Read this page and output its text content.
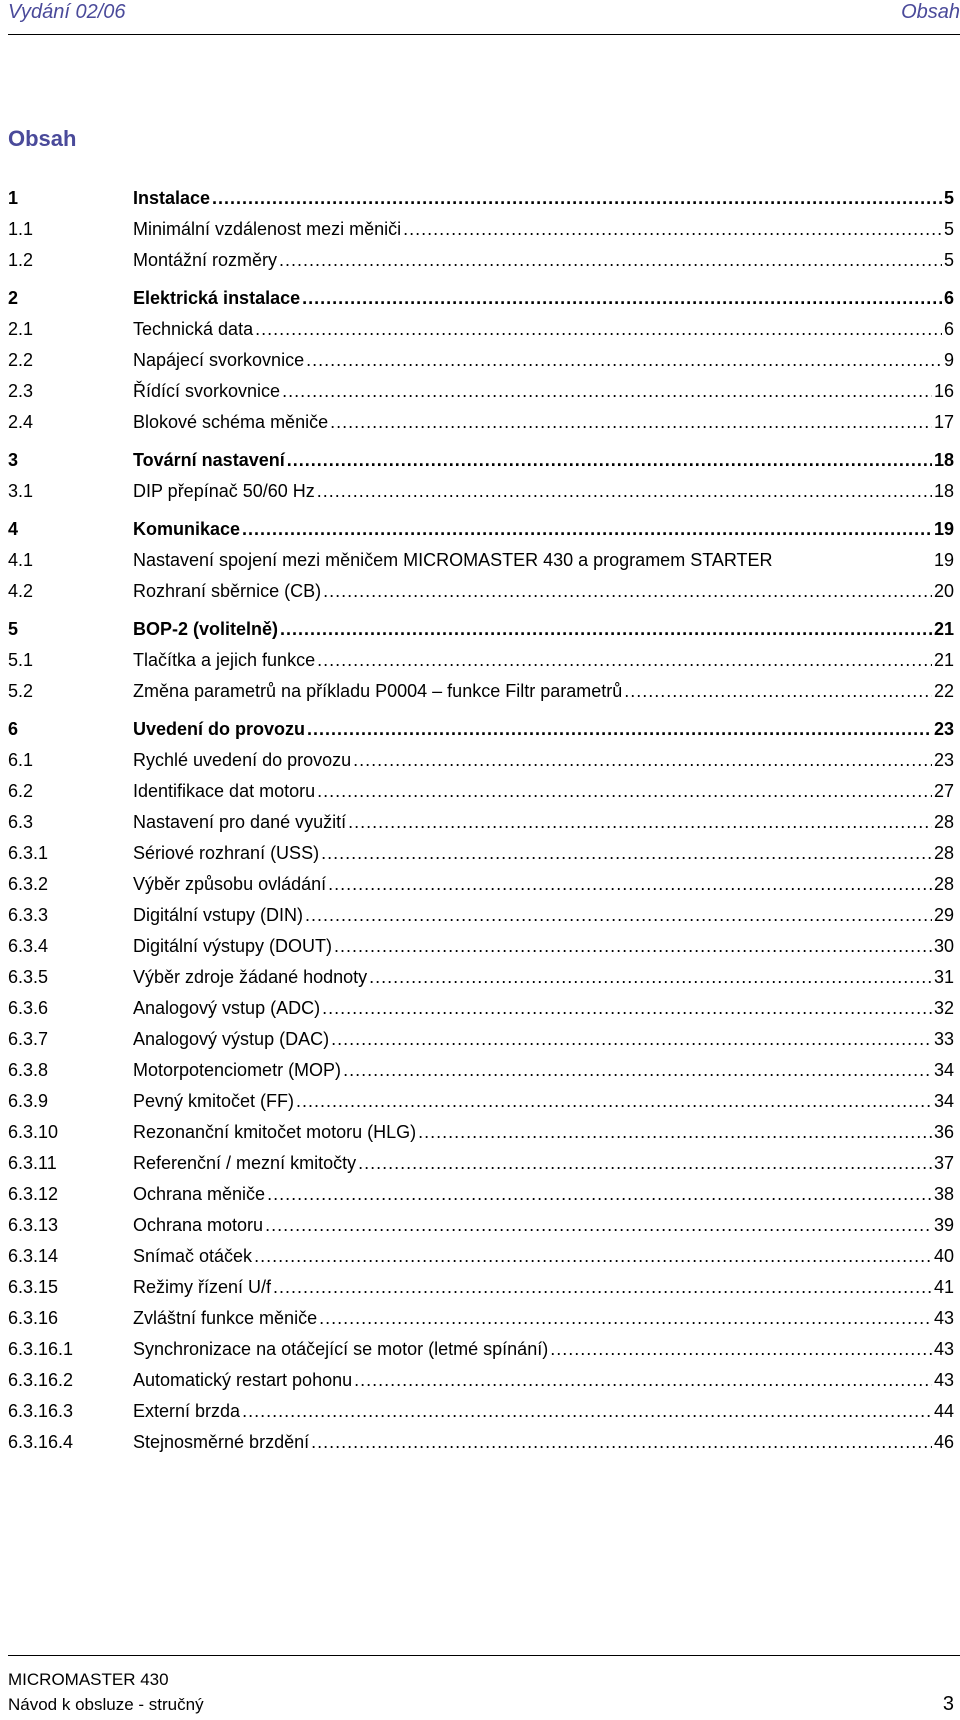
Vydání 02/06	Obsah
Obsah
1	Instalace .....	5
1.1	Minimální vzdálenost mezi měniči .....	5
1.2	Montážní rozměry .....	5
2	Elektrická instalace .....	6
2.1	Technická data .....	6
2.2	Napájecí svorkovnice .....	9
2.3	Řídící svorkovnice .....	16
2.4	Blokové schéma měniče .....	17
3	Tovární nastavení .....	18
3.1	DIP přepínač 50/60 Hz .....	18
4	Komunikace .....	19
4.1	Nastavení spojení mezi měničem MICROMASTER 430 a programem STARTER	19
4.2	Rozhraní sběrnice (CB) .....	20
5	BOP-2 (volitelně) .....	21
5.1	Tlačítka a jejich funkce .....	21
5.2	Změna parametrů na příkladu P0004 – funkce Filtr parametrů .....	22
6	Uvedení do provozu .....	23
6.1	Rychlé uvedení do provozu .....	23
6.2	Identifikace dat motoru .....	27
6.3	Nastavení pro dané využití .....	28
6.3.1	Sériové rozhraní (USS) .....	28
6.3.2	Výběr způsobu ovládání .....	28
6.3.3	Digitální vstupy (DIN) .....	29
6.3.4	Digitální výstupy (DOUT) .....	30
6.3.5	Výběr zdroje žádané hodnoty .....	31
6.3.6	Analogový vstup (ADC) .....	32
6.3.7	Analogový výstup (DAC) .....	33
6.3.8	Motorpotenciometr (MOP) .....	34
6.3.9	Pevný kmitočet (FF) .....	34
6.3.10	Rezonanční kmitočet motoru (HLG) .....	36
6.3.11	Referenční / mezní kmitočty .....	37
6.3.12	Ochrana měniče .....	38
6.3.13	Ochrana motoru .....	39
6.3.14	Snímač otáček .....	40
6.3.15	Režimy řízení U/f .....	41
6.3.16	Zvláštní funkce měniče .....	43
6.3.16.1	Synchronizace na otáčející se motor (letmé spínání) .....	43
6.3.16.2	Automatický restart pohonu .....	43
6.3.16.3	Externí brzda .....	44
6.3.16.4	Stejnosměrné brzdění .....	46
MICROMASTER 430
Návod k obsluze - stručný	3
